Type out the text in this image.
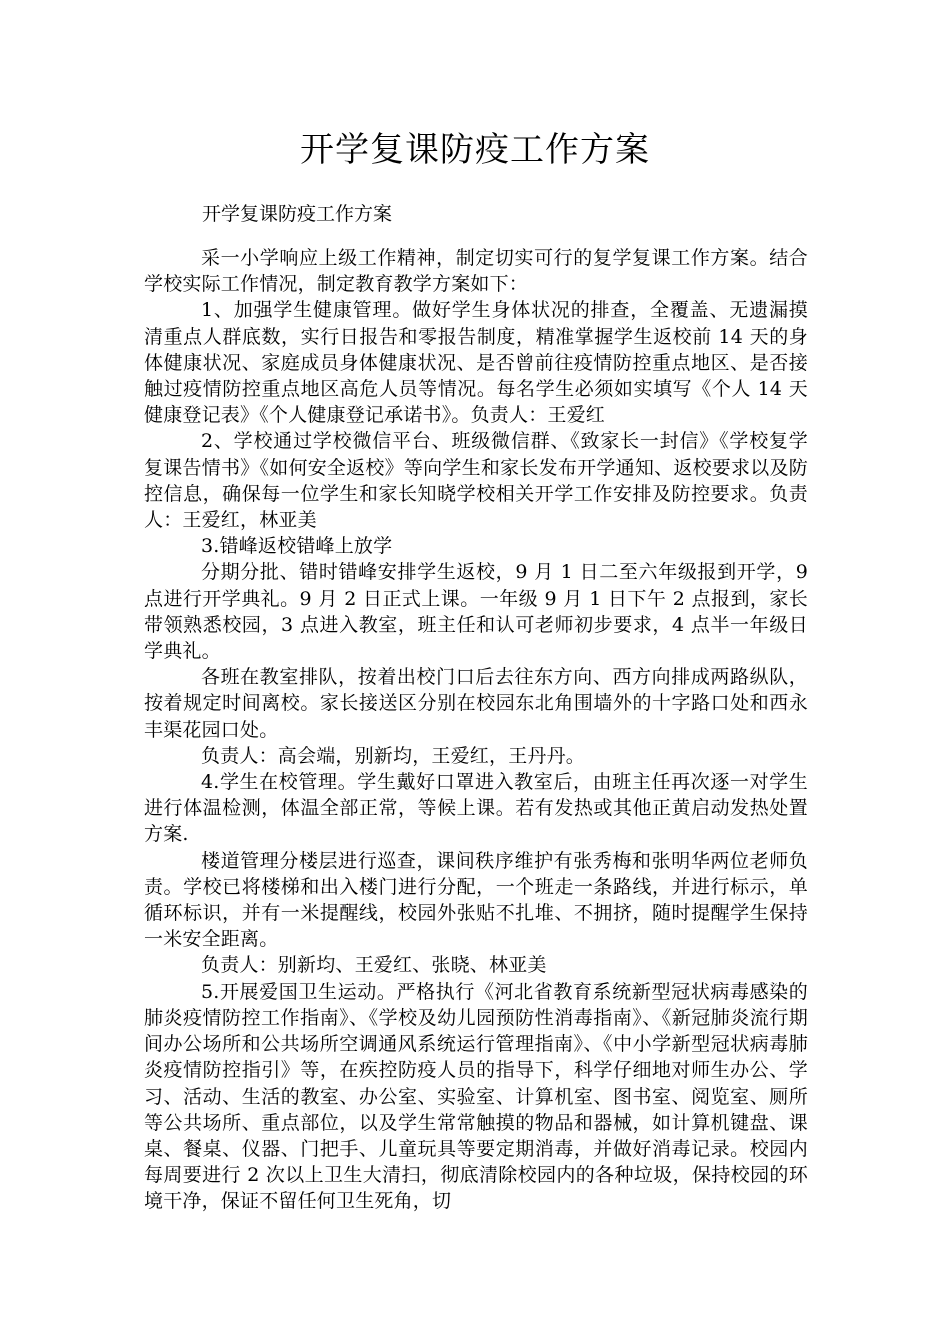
开学复课防疫工作方案
开学复课防疫工作方案

采一小学响应上级工作精神，制定切实可行的复学复课工作方案。结合学校实际工作情况，制定教育教学方案如下：

1、加强学生健康管理。做好学生身体状况的排查，全覆盖、无遗漏摸清重点人群底数，实行日报告和零报告制度，精准掌握学生返校前 14 天的身体健康状况、家庭成员身体健康状况、是否曾前往疫情防控重点地区、是否接触过疫情防控重点地区高危人员等情况。每名学生必须如实填写《个人 14 天健康登记表》《个人健康登记承诺书》。负责人：王爱红

2、学校通过学校微信平台、班级微信群、《致家长一封信》《学校复学复课告情书》《如何安全返校》等向学生和家长发布开学通知、返校要求以及防控信息，确保每一位学生和家长知晓学校相关开学工作安排及防控要求。负责人：王爱红，林亚美

3.错峰返校错峰上放学

分期分批、错时错峰安排学生返校，9 月 1 日二至六年级报到开学，9 点进行开学典礼。9 月 2 日正式上课。一年级 9 月 1 日下午 2 点报到，家长带领熟悉校园，3 点进入教室，班主任和认可老师初步要求，4 点半一年级日学典礼。

各班在教室排队，按着出校门口后去往东方向、西方向排成两路纵队，按着规定时间离校。家长接送区分别在校园东北角围墙外的十字路口处和西永丰渠花园口处。

负责人：高会端，别新均，王爱红，王丹丹。

4.学生在校管理。学生戴好口罩进入教室后，由班主任再次逐一对学生进行体温检测，体温全部正常，等候上课。若有发热或其他正黄启动发热处置方案.

楼道管理分楼层进行巡查，课间秩序维护有张秀梅和张明华两位老师负责。学校已将楼梯和出入楼门进行分配，一个班走一条路线，并进行标示，单循环标识，并有一米提醒线，校园外张贴不扎堆、不拥挤，随时提醒学生保持一米安全距离。

负责人：别新均、王爱红、张晓、林亚美

5.开展爱国卫生运动。严格执行《河北省教育系统新型冠状病毒感染的肺炎疫情防控工作指南》、《学校及幼儿园预防性消毒指南》、《新冠肺炎流行期间办公场所和公共场所空调通风系统运行管理指南》、《中小学新型冠状病毒肺炎疫情防控指引》等，在疾控防疫人员的指导下，科学仔细地对师生办公、学习、活动、生活的教室、办公室、实验室、计算机室、图书室、阅览室、厕所等公共场所、重点部位，以及学生常常触摸的物品和器械，如计算机键盘、课桌、餐桌、仪器、门把手、儿童玩具等要定期消毒，并做好消毒记录。校园内每周要进行 2 次以上卫生大清扫，彻底清除校园内的各种垃圾，保持校园的环境干净，保证不留任何卫生死角，切
